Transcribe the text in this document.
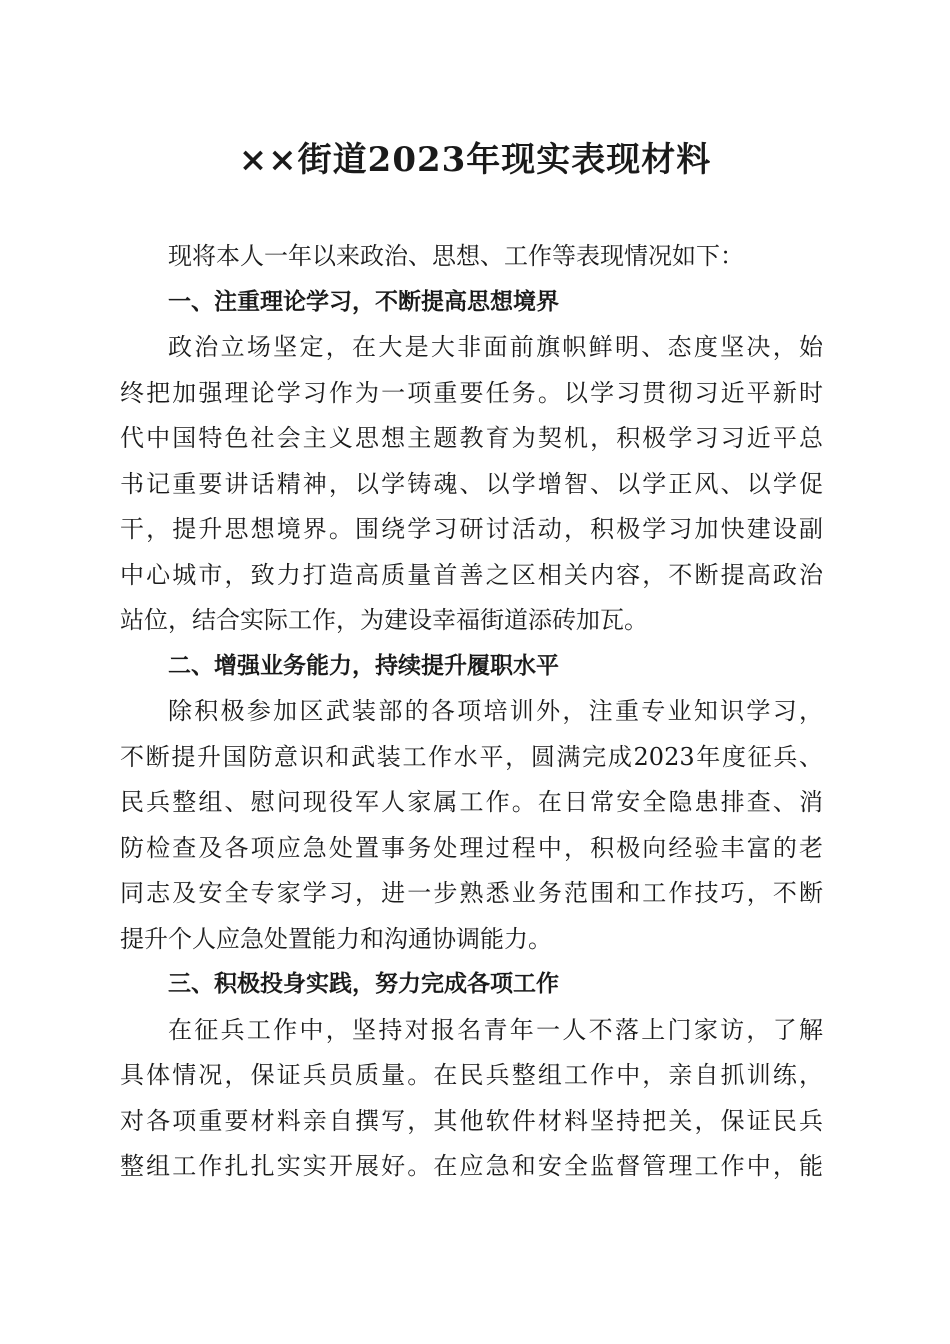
××街道2023年现实表现材料
现将本人一年以来政治、思想、工作等表现情况如下：
一、注重理论学习，不断提高思想境界
政治立场坚定，在大是大非面前旗帜鲜明、态度坚决，始
终把加强理论学习作为一项重要任务。以学习贯彻习近平新时
代中国特色社会主义思想主题教育为契机，积极学习习近平总
书记重要讲话精神，以学铸魂、以学增智、以学正风、以学促
干，提升思想境界。围绕学习研讨活动，积极学习加快建设副
中心城市，致力打造高质量首善之区相关内容，不断提高政治
站位，结合实际工作，为建设幸福街道添砖加瓦。
二、增强业务能力，持续提升履职水平
除积极参加区武装部的各项培训外，注重专业知识学习，
不断提升国防意识和武装工作水平，圆满完成2023年度征兵、
民兵整组、慰问现役军人家属工作。在日常安全隐患排查、消
防检查及各项应急处置事务处理过程中，积极向经验丰富的老
同志及安全专家学习，进一步熟悉业务范围和工作技巧，不断
提升个人应急处置能力和沟通协调能力。
三、积极投身实践，努力完成各项工作
在征兵工作中，坚持对报名青年一人不落上门家访，了解
具体情况，保证兵员质量。在民兵整组工作中，亲自抓训练，
对各项重要材料亲自撰写，其他软件材料坚持把关，保证民兵
整组工作扎扎实实开展好。在应急和安全监督管理工作中，能
